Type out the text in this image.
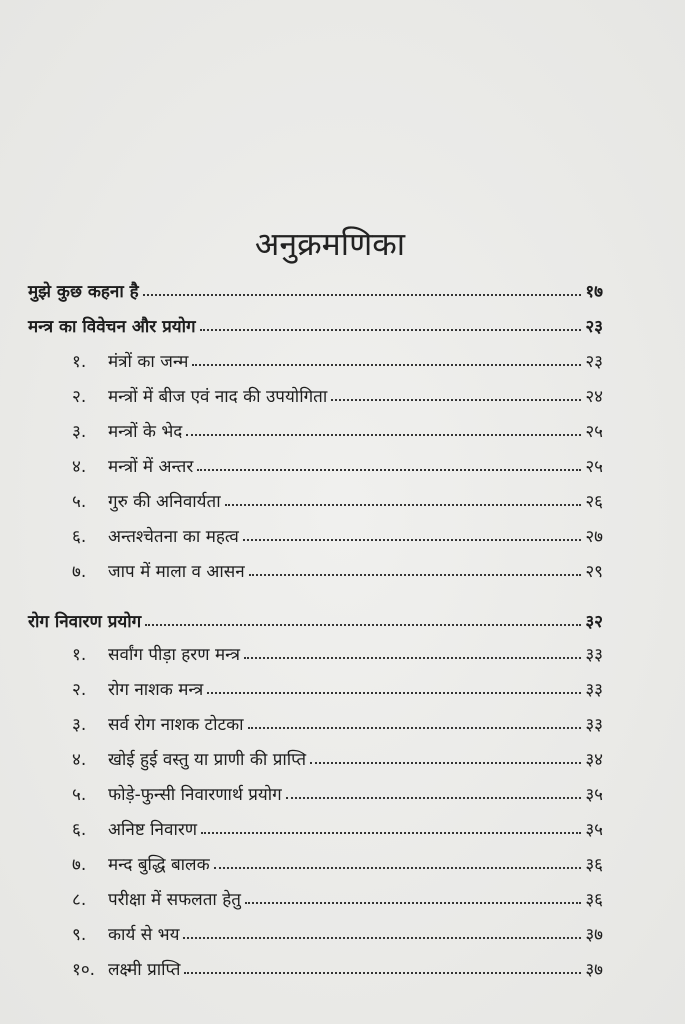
अनुक्रमणिका
मुझे कुछ कहना है	१७
मन्त्र का विवेचन और प्रयोग	२३
१.	मंत्रों का जन्म	२३
२.	मन्त्रों में बीज एवं नाद की उपयोगिता	२४
३.	मन्त्रों के भेद	२५
४.	मन्त्रों में अन्तर	२५
५.	गुरु की अनिवार्यता	२६
६.	अन्तश्चेतना का महत्व	२७
७.	जाप में माला व आसन	२९
रोग निवारण प्रयोग	३२
१.	सर्वांग पीड़ा हरण मन्त्र	३३
२.	रोग नाशक मन्त्र	३३
३.	सर्व रोग नाशक टोटका	३३
४.	खोई हुई वस्तु या प्राणी की प्राप्ति	३४
५.	फोड़े-फुन्सी निवारणार्थ प्रयोग	३५
६.	अनिष्ट निवारण	३५
७.	मन्द बुद्धि बालक	३६
८.	परीक्षा में सफलता हेतु	३६
९.	कार्य से भय	३७
१०. लक्ष्मी प्राप्ति	३७
